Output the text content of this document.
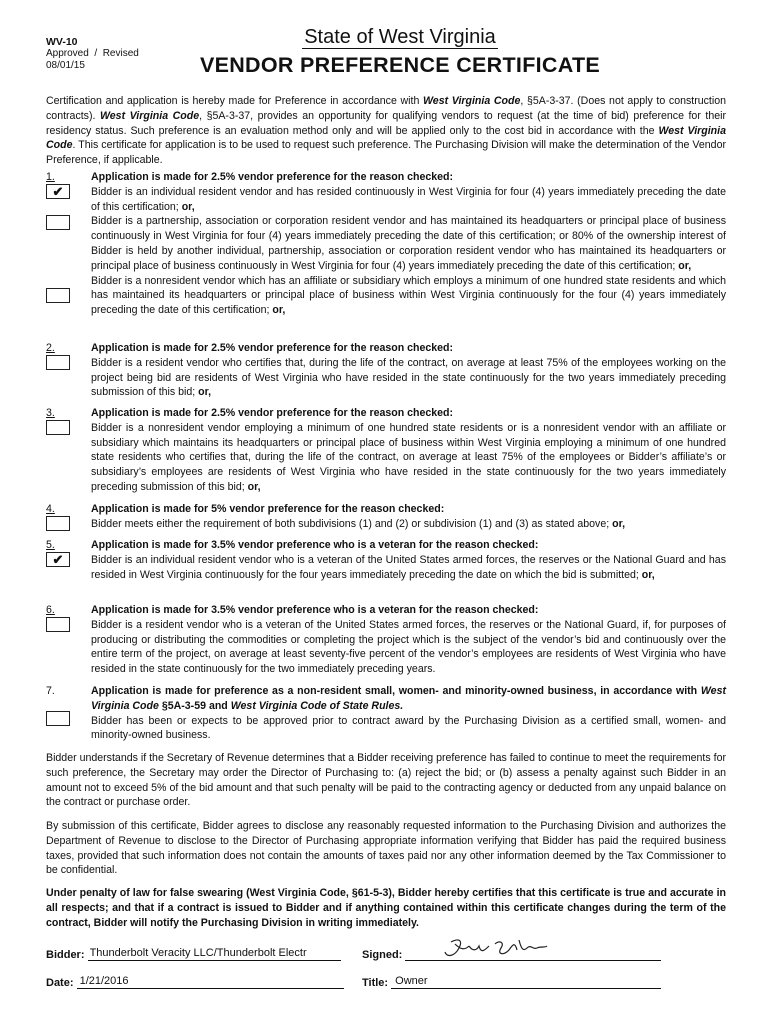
WV-10
Approved  /  Revised
08/01/15
State of West Virginia
VENDOR PREFERENCE CERTIFICATE
Certification and application is hereby made for Preference in accordance with West Virginia Code, §5A-3-37. (Does not apply to construction contracts). West Virginia Code, §5A-3-37, provides an opportunity for qualifying vendors to request (at the time of bid) preference for their residency status. Such preference is an evaluation method only and will be applied only to the cost bid in accordance with the West Virginia Code. This certificate for application is to be used to request such preference. The Purchasing Division will make the determination of the Vendor Preference, if applicable.
1.
✔
Application is made for 2.5% vendor preference for the reason checked:
Bidder is an individual resident vendor and has resided continuously in West Virginia for four (4) years immediately preceding the date of this certification; or,
Bidder is a partnership, association or corporation resident vendor and has maintained its headquarters or principal place of business continuously in West Virginia for four (4) years immediately preceding the date of this certification; or 80% of the ownership interest of Bidder is held by another individual, partnership, association or corporation resident vendor who has maintained its headquarters or principal place of business continuously in West Virginia for four (4) years immediately preceding the date of this certification; or,
Bidder is a nonresident vendor which has an affiliate or subsidiary which employs a minimum of one hundred state residents and which has maintained its headquarters or principal place of business within West Virginia continuously for the four (4) years immediately preceding the date of this certification; or,
2.	Application is made for 2.5% vendor preference for the reason checked:
Bidder is a resident vendor who certifies that, during the life of the contract, on average at least 75% of the employees working on the project being bid are residents of West Virginia who have resided in the state continuously for the two years immediately preceding submission of this bid; or,
3.	Application is made for 2.5% vendor preference for the reason checked:
Bidder is a nonresident vendor employing a minimum of one hundred state residents or is a nonresident vendor with an affiliate or subsidiary which maintains its headquarters or principal place of business within West Virginia employing a minimum of one hundred state residents who certifies that, during the life of the contract, on average at least 75% of the employees or Bidder’s affiliate’s or subsidiary’s employees are residents of West Virginia who have resided in the state continuously for the two years immediately preceding submission of this bid; or,
4.	Application is made for 5% vendor preference for the reason checked:
Bidder meets either the requirement of both subdivisions (1) and (2) or subdivision (1) and (3) as stated above; or,
5.
✔
Application is made for 3.5% vendor preference who is a veteran for the reason checked:
Bidder is an individual resident vendor who is a veteran of the United States armed forces, the reserves or the National Guard and has resided in West Virginia continuously for the four years immediately preceding the date on which the bid is submitted; or,
6.	Application is made for 3.5% vendor preference who is a veteran for the reason checked:
Bidder is a resident vendor who is a veteran of the United States armed forces, the reserves or the National Guard, if, for purposes of producing or distributing the commodities or completing the project which is the subject of the vendor’s bid and continuously over the entire term of the project, on average at least seventy-five percent of the vendor’s employees are residents of West Virginia who have resided in the state continuously for the two immediately preceding years.
7.	Application is made for preference as a non-resident small, women- and minority-owned business, in accordance with West Virginia Code §5A-3-59 and West Virginia Code of State Rules.
Bidder has been or expects to be approved prior to contract award by the Purchasing Division as a certified small, women- and minority-owned business.
Bidder understands if the Secretary of Revenue determines that a Bidder receiving preference has failed to continue to meet the requirements for such preference, the Secretary may order the Director of Purchasing to: (a) reject the bid; or (b) assess a penalty against such Bidder in an amount not to exceed 5% of the bid amount and that such penalty will be paid to the contracting agency or deducted from any unpaid balance on the contract or purchase order.
By submission of this certificate, Bidder agrees to disclose any reasonably requested information to the Purchasing Division and authorizes the Department of Revenue to disclose to the Director of Purchasing appropriate information verifying that Bidder has paid the required business taxes, provided that such information does not contain the amounts of taxes paid nor any other information deemed by the Tax Commissioner to be confidential.
Under penalty of law for false swearing (West Virginia Code, §61-5-3), Bidder hereby certifies that this certificate is true and accurate in all respects; and that if a contract is issued to Bidder and if anything contained within this certificate changes during the term of the contract, Bidder will notify the Purchasing Division in writing immediately.
Bidder: Thunderbolt Veracity LLC/Thunderbolt Electr	Signed:
Date: 1/21/2016	Title: Owner
